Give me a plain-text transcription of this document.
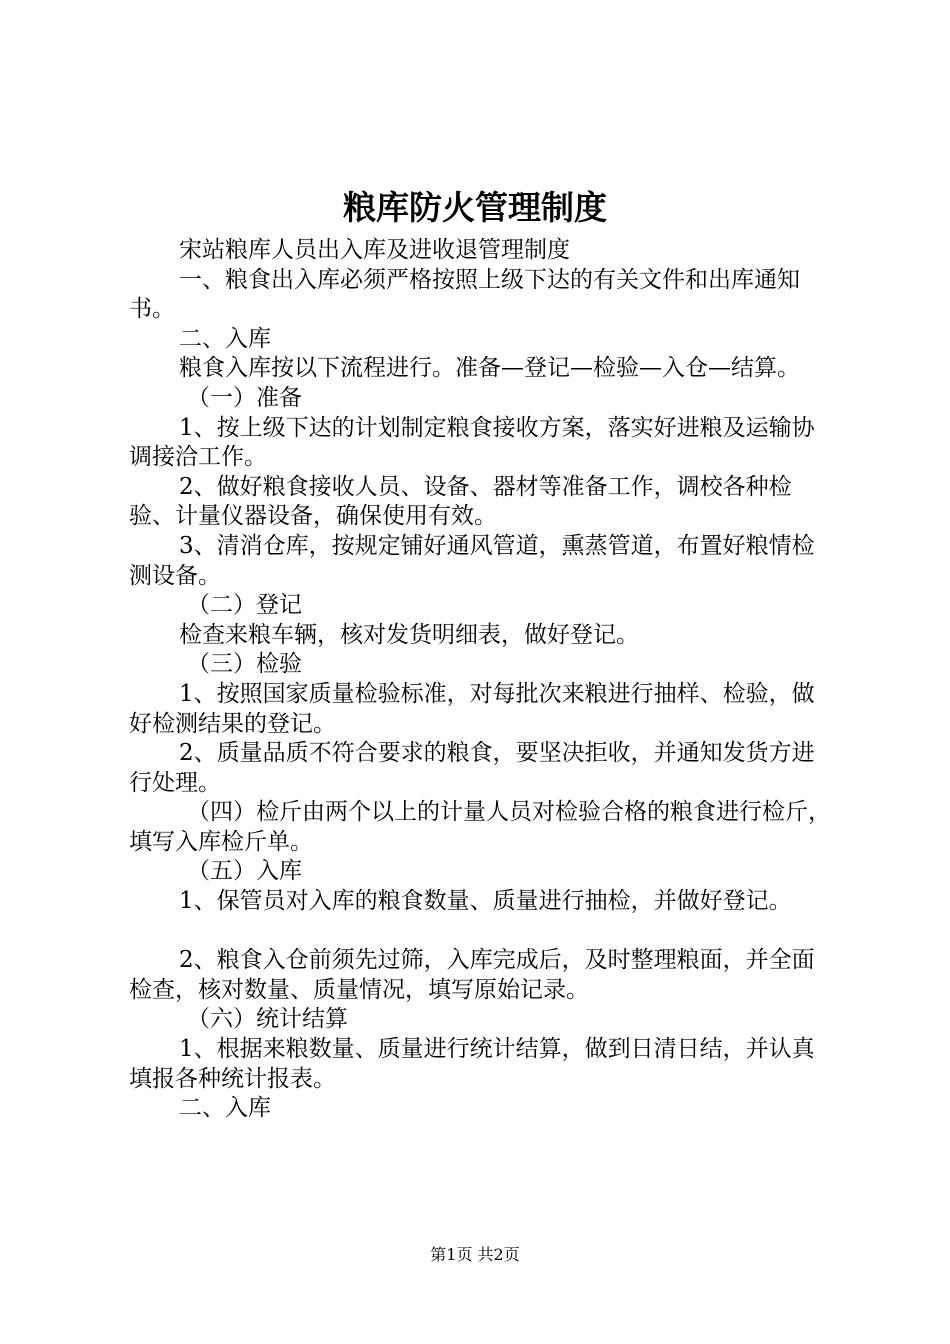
粮库防火管理制度

宋站粮库人员出入库及进收退管理制度

一、粮食出入库必须严格按照上级下达的有关文件和出库通知书。

二、入库

粮食入库按以下流程进行。准备—登记—检验—入仓—结算。

（一）准备

1、按上级下达的计划制定粮食接收方案，落实好进粮及运输协调接洽工作。

2、做好粮食接收人员、设备、器材等准备工作，调校各种检验、计量仪器设备，确保使用有效。

3、清消仓库，按规定铺好通风管道，熏蒸管道，布置好粮情检测设备。

（二）登记

检查来粮车辆，核对发货明细表，做好登记。

（三）检验

1、按照国家质量检验标准，对每批次来粮进行抽样、检验，做好检测结果的登记。

2、质量品质不符合要求的粮食，要坚决拒收，并通知发货方进行处理。

（四）检斤由两个以上的计量人员对检验合格的粮食进行检斤，填写入库检斤单。

（五）入库

1、保管员对入库的粮食数量、质量进行抽检，并做好登记。

2、粮食入仓前须先过筛，入库完成后，及时整理粮面，并全面检查，核对数量、质量情况，填写原始记录。

（六）统计结算

1、根据来粮数量、质量进行统计结算，做到日清日结，并认真填报各种统计报表。

二、入库

第1页 共2页
